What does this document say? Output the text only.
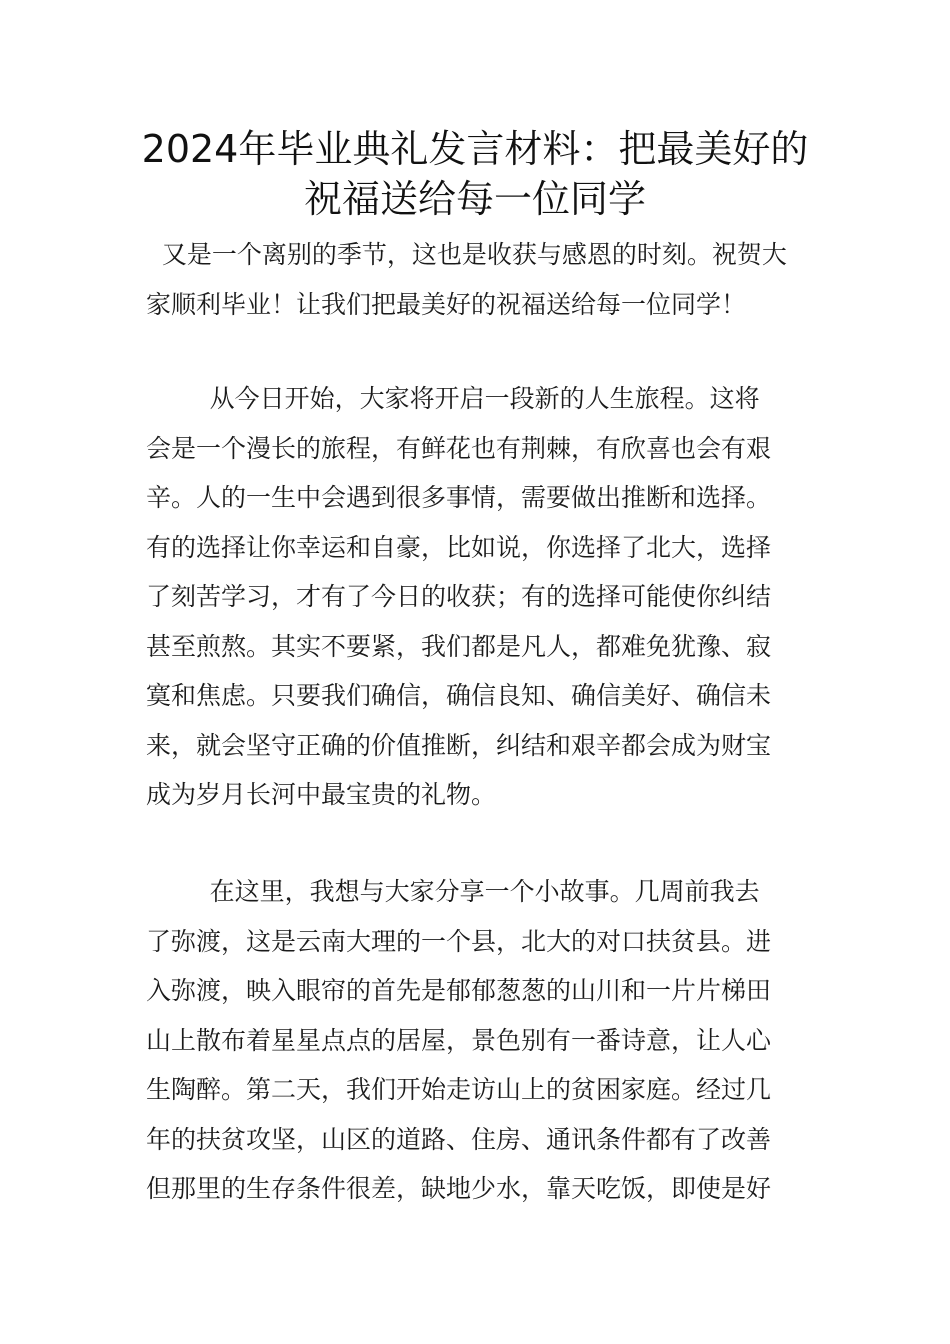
2024年毕业典礼发言材料：把最美好的
祝福送给每一位同学
又是一个离别的季节，这也是收获与感恩的时刻。祝贺大
家顺利毕业！让我们把最美好的祝福送给每一位同学！
从今日开始，大家将开启一段新的人生旅程。这将
会是一个漫长的旅程，有鲜花也有荆棘，有欣喜也会有艰
辛。人的一生中会遇到很多事情，需要做出推断和选择。
有的选择让你幸运和自豪，比如说，你选择了北大，选择
了刻苦学习，才有了今日的收获；有的选择可能使你纠结
甚至煎熬。其实不要紧，我们都是凡人，都难免犹豫、寂
寞和焦虑。只要我们确信，确信良知、确信美好、确信未
来，就会坚守正确的价值推断，纠结和艰辛都会成为财宝
成为岁月长河中最宝贵的礼物。
在这里，我想与大家分享一个小故事。几周前我去
了弥渡，这是云南大理的一个县，北大的对口扶贫县。进
入弥渡，映入眼帘的首先是郁郁葱葱的山川和一片片梯田
山上散布着星星点点的居屋，景色别有一番诗意，让人心
生陶醉。第二天，我们开始走访山上的贫困家庭。经过几
年的扶贫攻坚，山区的道路、住房、通讯条件都有了改善
但那里的生存条件很差，缺地少水，靠天吃饭，即使是好
